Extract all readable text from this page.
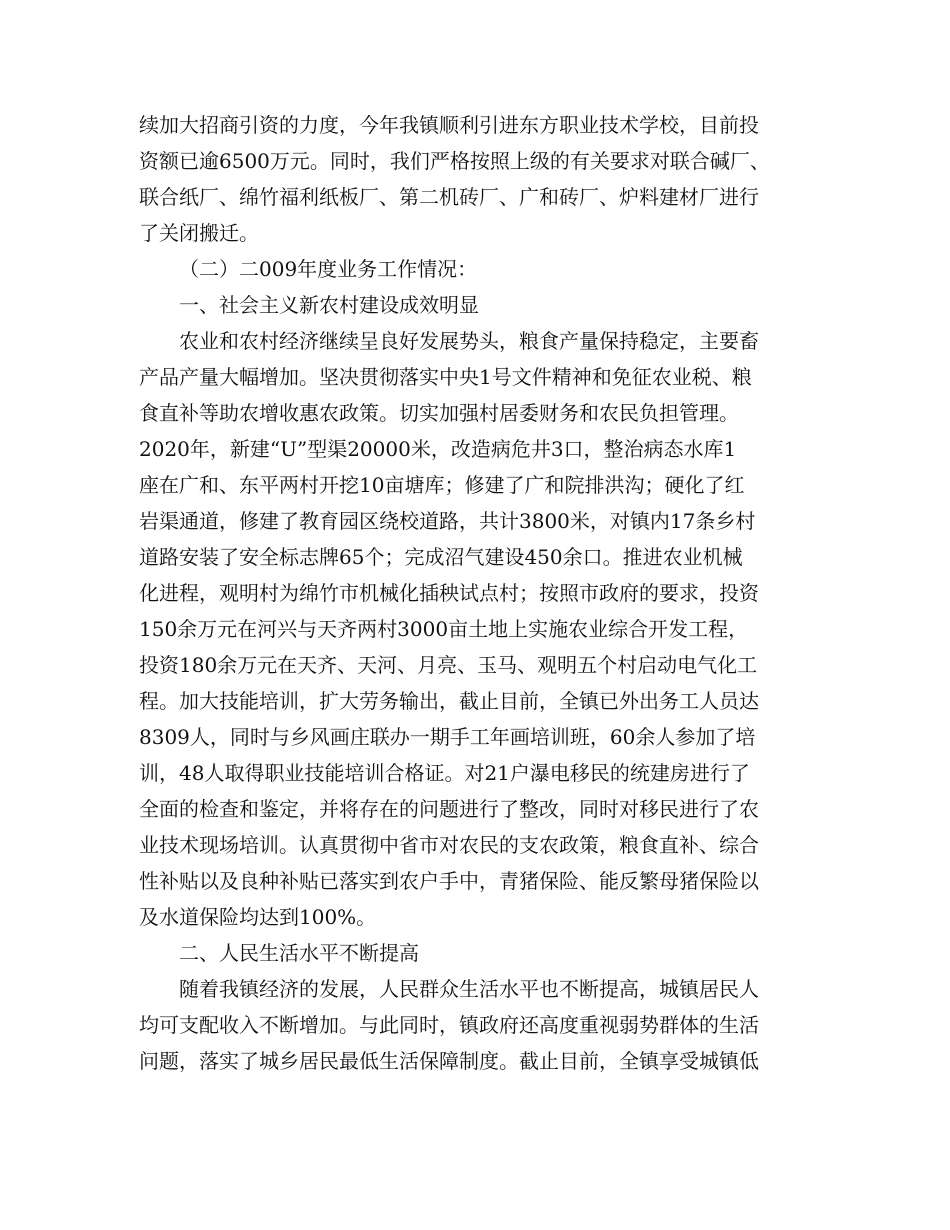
续加大招商引资的力度，今年我镇顺利引进东方职业技术学校，目前投
资额已逾6500万元。同时，我们严格按照上级的有关要求对联合碱厂、
联合纸厂、绵竹福利纸板厂、第二机砖厂、广和砖厂、炉料建材厂进行
了关闭搬迁。
（二）二009年度业务工作情况：
一、社会主义新农村建设成效明显
农业和农村经济继续呈良好发展势头，粮食产量保持稳定，主要畜
产品产量大幅增加。坚决贯彻落实中央1号文件精神和免征农业税、粮
食直补等助农增收惠农政策。切实加强村居委财务和农民负担管理。
2020年，新建“U”型渠20000米，改造病危井3口，整治病态水库1
座在广和、东平两村开挖10亩塘库；修建了广和院排洪沟；硬化了红
岩渠通道，修建了教育园区绕校道路，共计3800米，对镇内17条乡村
道路安装了安全标志牌65个；完成沼气建设450余口。推进农业机械
化进程，观明村为绵竹市机械化插秧试点村；按照市政府的要求，投资
150余万元在河兴与天齐两村3000亩土地上实施农业综合开发工程，
投资180余万元在天齐、天河、月亮、玉马、观明五个村启动电气化工
程。加大技能培训，扩大劳务输出，截止目前，全镇已外出务工人员达
8309人，同时与乡风画庄联办一期手工年画培训班，60余人参加了培
训，48人取得职业技能培训合格证。对21户瀑电移民的统建房进行了
全面的检查和鉴定，并将存在的问题进行了整改，同时对移民进行了农
业技术现场培训。认真贯彻中省市对农民的支农政策，粮食直补、综合
性补贴以及良种补贴已落实到农户手中，青猪保险、能反繁母猪保险以
及水道保险均达到100%。
二、人民生活水平不断提高
随着我镇经济的发展，人民群众生活水平也不断提高，城镇居民人
均可支配收入不断增加。与此同时，镇政府还高度重视弱势群体的生活
问题，落实了城乡居民最低生活保障制度。截止目前，全镇享受城镇低
